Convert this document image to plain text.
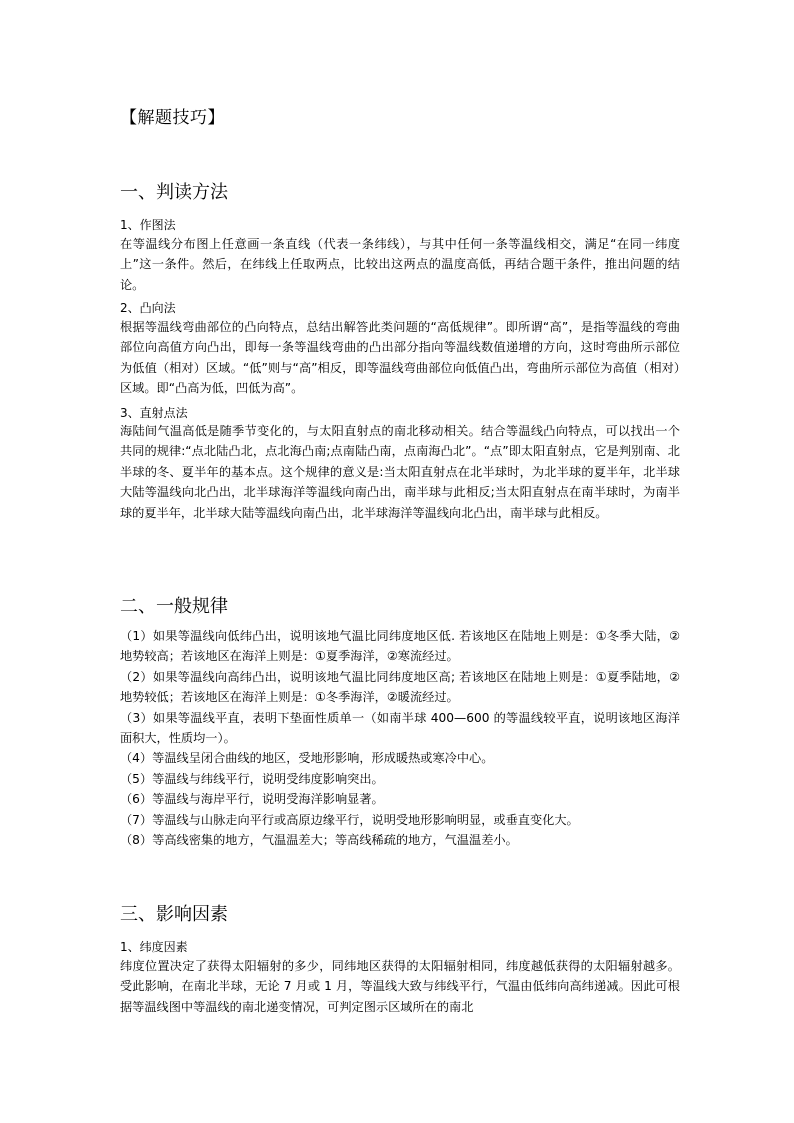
【解题技巧】
一、判读方法
1、作图法
在等温线分布图上任意画一条直线（代表一条纬线），与其中任何一条等温线相交，满足“在同一纬度上”这一条件。然后，在纬线上任取两点，比较出这两点的温度高低，再结合题干条件，推出问题的结论。
2、凸向法
根据等温线弯曲部位的凸向特点，总结出解答此类问题的“高低规律”。即所谓“高”，是指等温线的弯曲部位向高值方向凸出，即每一条等温线弯曲的凸出部分指向等温线数值递增的方向，这时弯曲所示部位为低值（相对）区域。“低”则与“高”相反，即等温线弯曲部位向低值凸出，弯曲所示部位为高值（相对）区域。即“凸高为低，凹低为高”。
3、直射点法
海陆间气温高低是随季节变化的，与太阳直射点的南北移动相关。结合等温线凸向特点，可以找出一个共同的规律:“点北陆凸北，点北海凸南;点南陆凸南，点南海凸北”。“点”即太阳直射点，它是判别南、北半球的冬、夏半年的基本点。这个规律的意义是:当太阳直射点在北半球时，为北半球的夏半年，北半球大陆等温线向北凸出，北半球海洋等温线向南凸出，南半球与此相反;当太阳直射点在南半球时，为南半球的夏半年，北半球大陆等温线向南凸出，北半球海洋等温线向北凸出，南半球与此相反。
二、一般规律
（1）如果等温线向低纬凸出，说明该地气温比同纬度地区低. 若该地区在陆地上则是：①冬季大陆，②地势较高；若该地区在海洋上则是：①夏季海洋，②寒流经过。
（2）如果等温线向高纬凸出，说明该地气温比同纬度地区高; 若该地区在陆地上则是：①夏季陆地，②地势较低；若该地区在海洋上则是：①冬季海洋，②暖流经过。
（3）如果等温线平直，表明下垫面性质单一（如南半球 400—600 的等温线较平直，说明该地区海洋面积大，性质均一）。
（4）等温线呈闭合曲线的地区，受地形影响，形成暖热或寒冷中心。
（5）等温线与纬线平行，说明受纬度影响突出。
（6）等温线与海岸平行，说明受海洋影响显著。
（7）等温线与山脉走向平行或高原边缘平行，说明受地形影响明显，或垂直变化大。
（8）等高线密集的地方，气温温差大；等高线稀疏的地方，气温温差小。
三、影响因素
1、纬度因素
纬度位置决定了获得太阳辐射的多少，同纬地区获得的太阳辐射相同，纬度越低获得的太阳辐射越多。受此影响，在南北半球，无论 7 月或 1 月，等温线大致与纬线平行，气温由低纬向高纬递减。因此可根据等温线图中等温线的南北递变情况，可判定图示区域所在的南北
